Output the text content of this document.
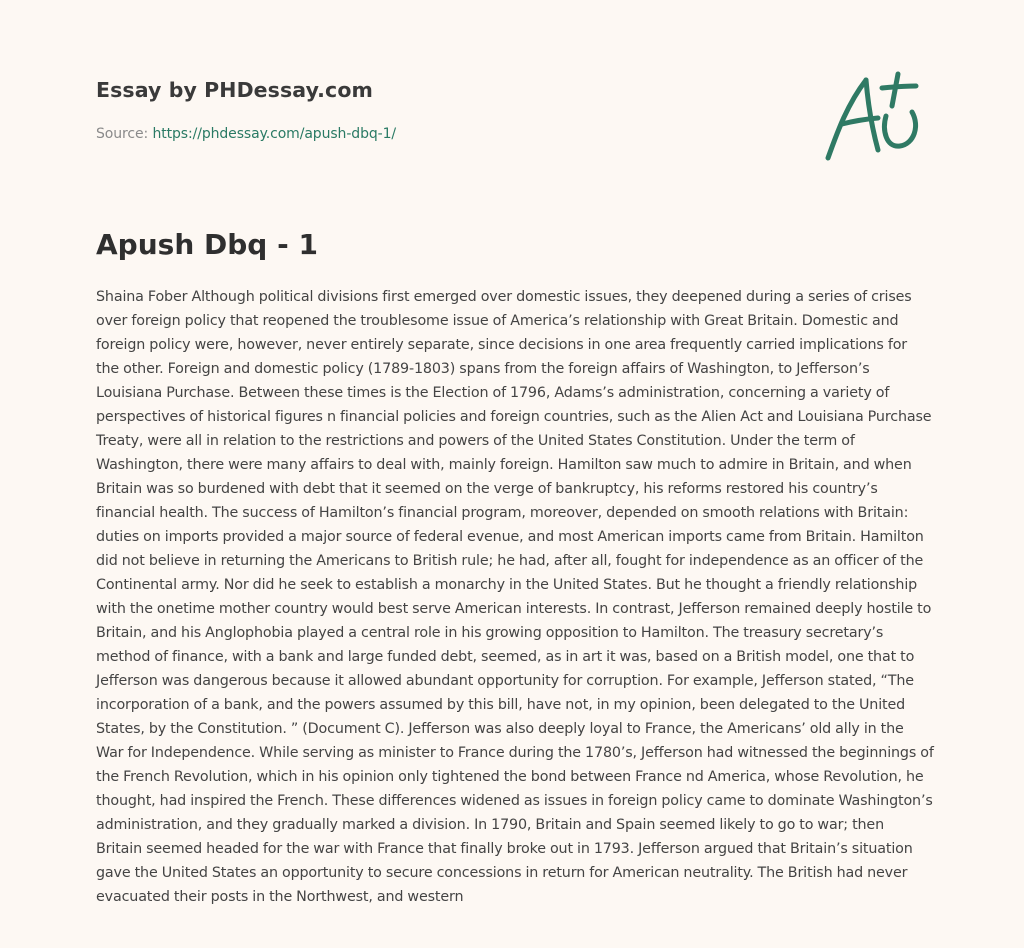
Essay by PHDessay.com
Source: https://phdessay.com/apush-dbq-1/
Apush Dbq - 1

Shaina Fober Although political divisions first emerged over domestic issues, they deepened during a series of crises over foreign policy that reopened the troublesome issue of America’s relationship with Great Britain. Domestic and foreign policy were, however, never entirely separate, since decisions in one area frequently carried implications for the other. Foreign and domestic policy (1789-1803) spans from the foreign affairs of Washington, to Jefferson’s Louisiana Purchase. Between these times is the Election of 1796, Adams’s administration, concerning a variety of perspectives of historical figures n financial policies and foreign countries, such as the Alien Act and Louisiana Purchase Treaty, were all in relation to the restrictions and powers of the United States Constitution. Under the term of Washington, there were many affairs to deal with, mainly foreign. Hamilton saw much to admire in Britain, and when Britain was so burdened with debt that it seemed on the verge of bankruptcy, his reforms restored his country’s financial health. The success of Hamilton’s financial program, moreover, depended on smooth relations with Britain: duties on imports provided a major source of federal evenue, and most American imports came from Britain. Hamilton did not believe in returning the Americans to British rule; he had, after all, fought for independence as an officer of the Continental army. Nor did he seek to establish a monarchy in the United States. But he thought a friendly relationship with the onetime mother country would best serve American interests. In contrast, Jefferson remained deeply hostile to Britain, and his Anglophobia played a central role in his growing opposition to Hamilton. The treasury secretary’s method of finance, with a bank and large funded debt, seemed, as in art it was, based on a British model, one that to Jefferson was dangerous because it allowed abundant opportunity for corruption. For example, Jefferson stated, “The incorporation of a bank, and the powers assumed by this bill, have not, in my opinion, been delegated to the United States, by the Constitution. ” (Document C). Jefferson was also deeply loyal to France, the Americans’ old ally in the War for Independence. While serving as minister to France during the 1780’s, Jefferson had witnessed the beginnings of the French Revolution, which in his opinion only tightened the bond between France nd America, whose Revolution, he thought, had inspired the French. These differences widened as issues in foreign policy came to dominate Washington’s administration, and they gradually marked a division. In 1790, Britain and Spain seemed likely to go to war; then Britain seemed headed for the war with France that finally broke out in 1793. Jefferson argued that Britain’s situation gave the United States an opportunity to secure concessions in return for American neutrality. The British had never evacuated their posts in the Northwest, and western
